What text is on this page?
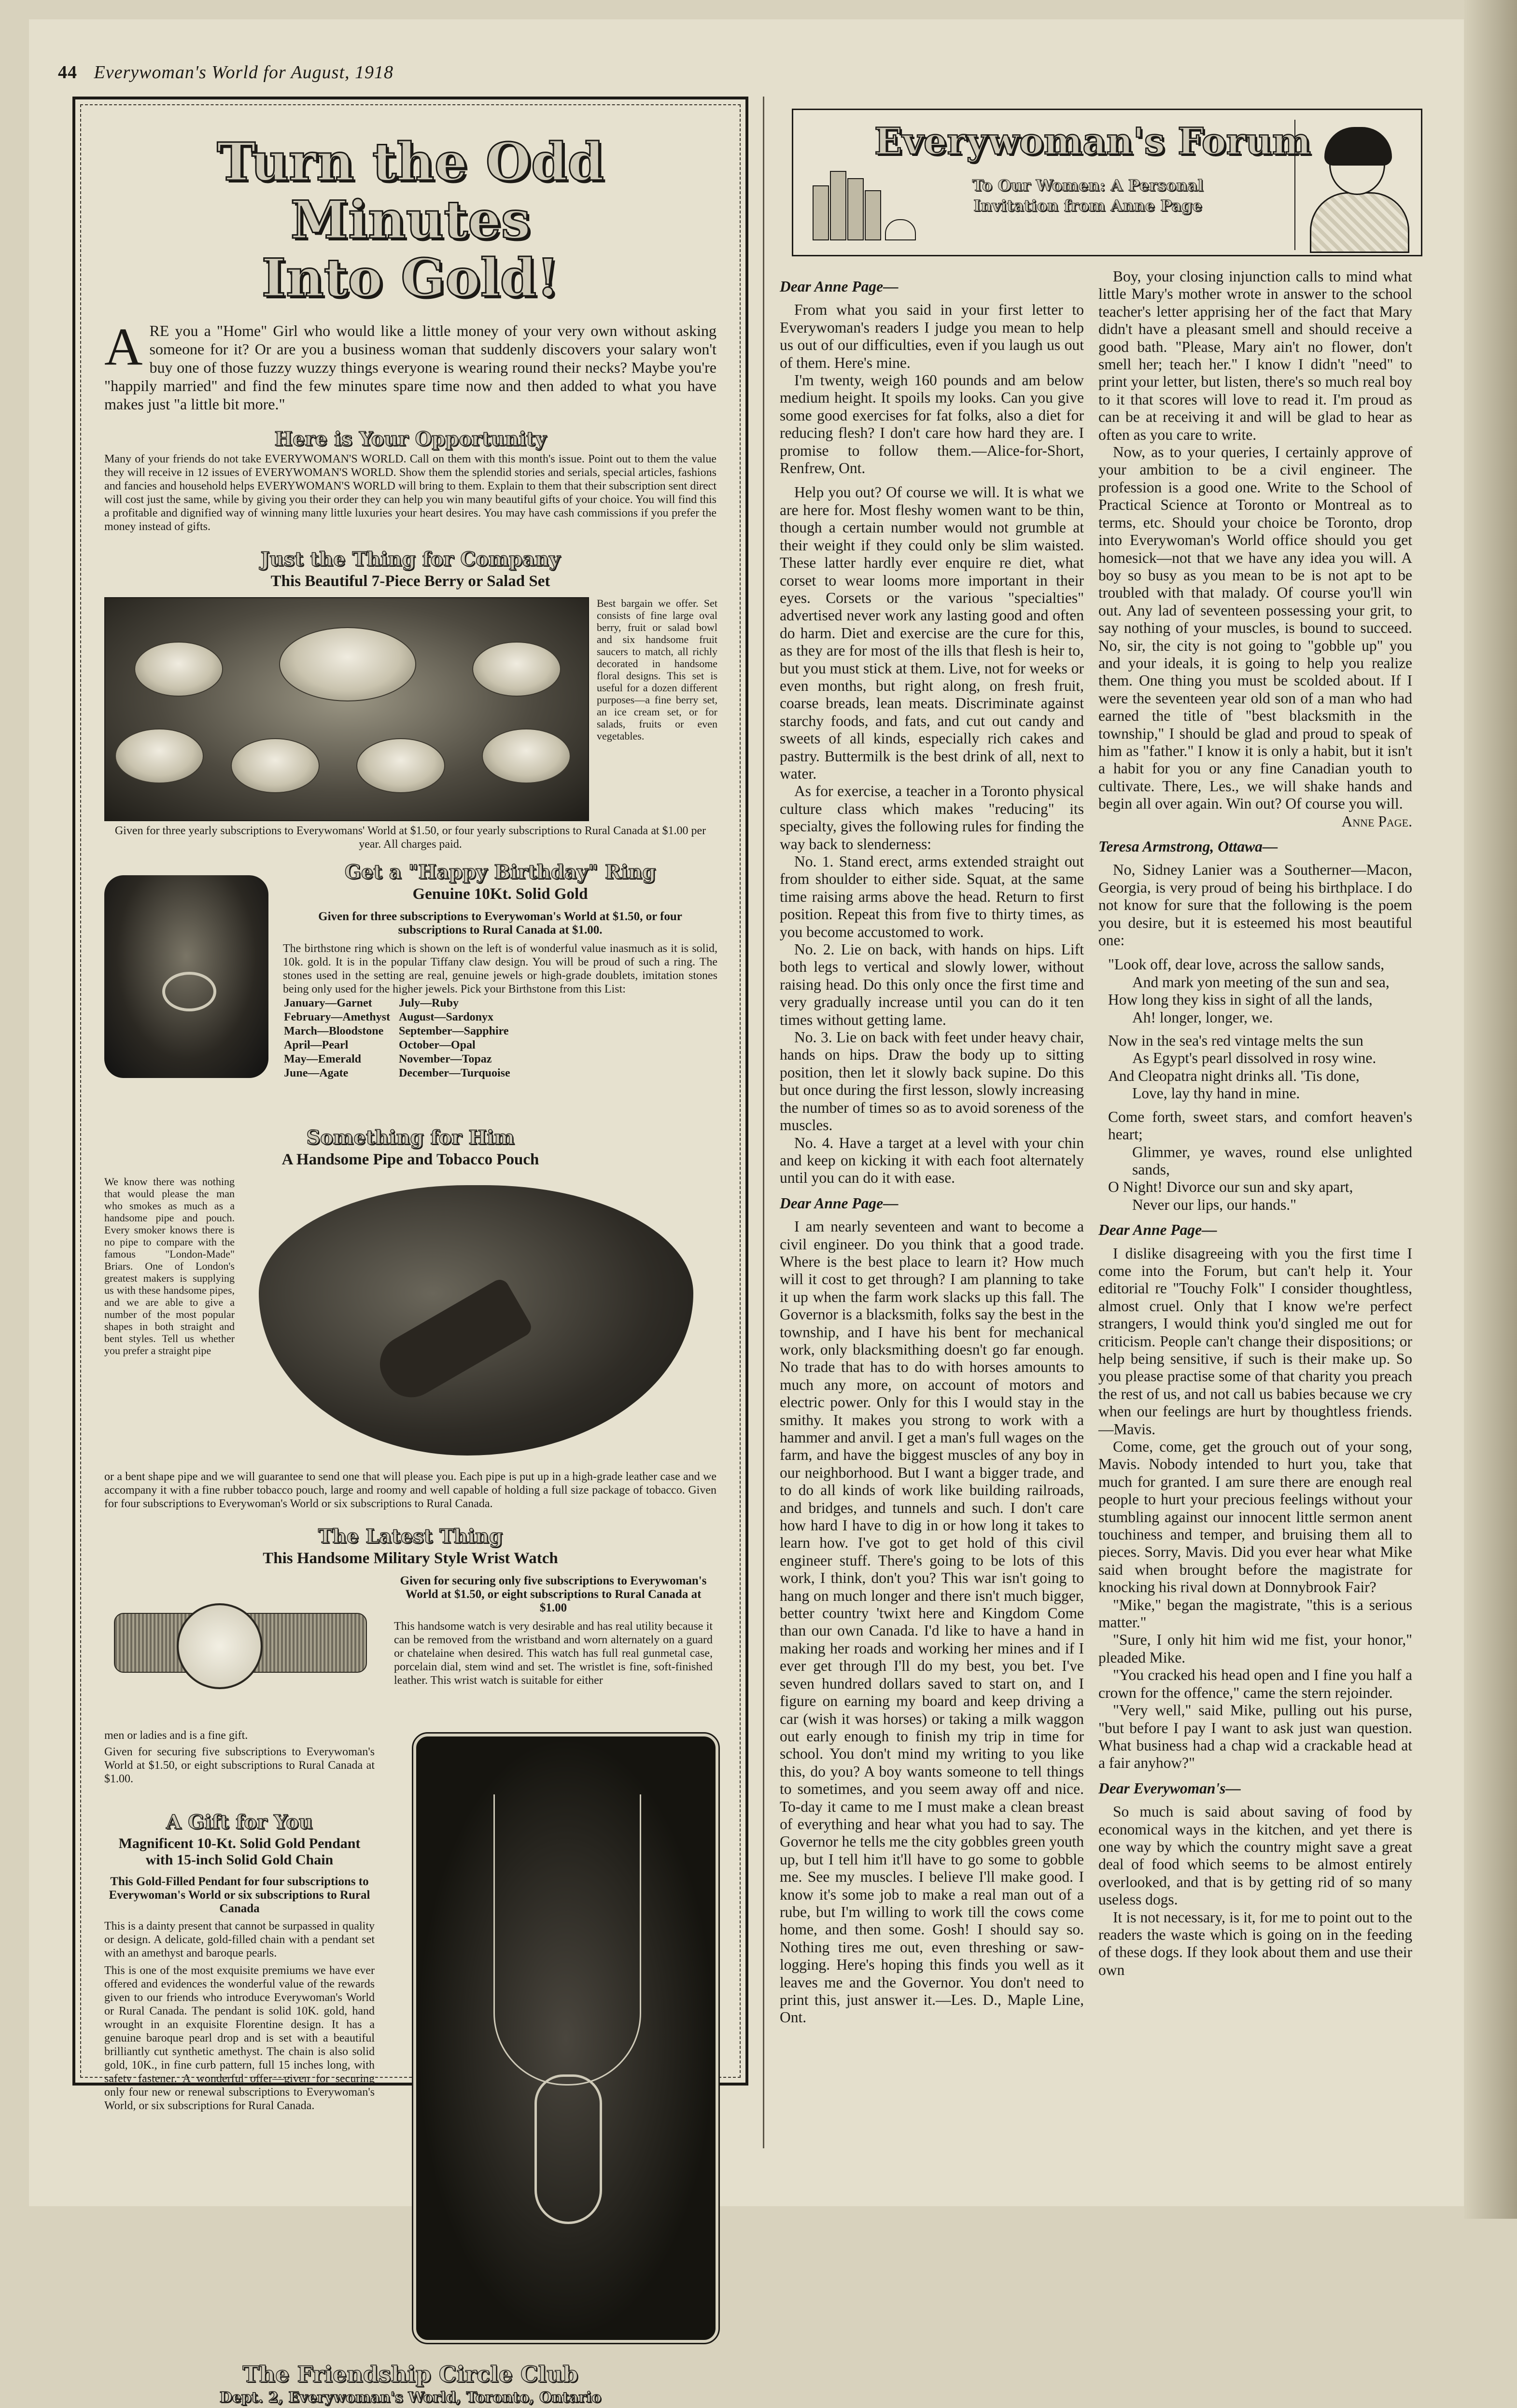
44 Everywoman's World for August, 1918
Turn the Odd Minutes
Into Gold!

A RE you a "Home" Girl who would like a little money of your very own without asking someone for it? Or are you a business woman that suddenly discovers your salary won't buy one of those fuzzy wuzzy things everyone is wearing round their necks? Maybe you're "happily married" and find the few minutes spare time now and then added to what you have makes just "a little bit more."

Here is Your Opportunity
Many of your friends do not take EVERYWOMAN'S WORLD. Call on them with this month's issue. Point out to them the value they will receive in 12 issues of EVERYWOMAN'S WORLD. Show them the splendid stories and serials, special articles, fashions and fancies and household helps EVERYWOMAN'S WORLD will bring to them. Explain to them that their subscription sent direct will cost just the same, while by giving you their order they can help you win many beautiful gifts of your choice. You will find this a profitable and dignified way of winning many little luxuries your heart desires. You may have cash commissions if you prefer the money instead of gifts.
Just the Thing for Company
This Beautiful 7-Piece Berry or Salad Set
Best bargain we offer. Set consists of fine large oval berry, fruit or salad bowl and six handsome fruit saucers to match, all richly decorated in handsome floral designs. This set is useful for a dozen different purposes—a fine berry set, an ice cream set, or for salads, fruits or even vegetables.
Given for three yearly subscriptions to Everywomans' World at $1.50, or four yearly subscriptions to Rural Canada at $1.00 per year. All charges paid.
Get a "Happy Birthday" Ring
Genuine 10Kt. Solid Gold
Given for three subscriptions to Everywoman's World at $1.50, or four subscriptions to Rural Canada at $1.00.
The birthstone ring which is shown on the left is of wonderful value inasmuch as it is solid, 10k. gold. It is in the popular Tiffany claw design. You will be proud of such a ring. The stones used in the setting are real, genuine jewels or high-grade doublets, imitation stones being only used for the higher jewels. Pick your Birthstone from this List:
January—Garnet	July—Ruby
February—Amethyst	August—Sardonyx
March—Bloodstone	September—Sapphire
April—Pearl	October—Opal
May—Emerald	November—Topaz
June—Agate	December—Turquoise
Something for Him
A Handsome Pipe and Tobacco Pouch
We know there was nothing that would please the man who smokes as much as a handsome pipe and pouch. Every smoker knows there is no pipe to compare with the famous "London-Made" Briars. One of London's greatest makers is supplying us with these handsome pipes, and we are able to give a number of the most popular shapes in both straight and bent styles. Tell us whether you prefer a straight pipe
or a bent shape pipe and we will guarantee to send one that will please you. Each pipe is put up in a high-grade leather case and we accompany it with a fine rubber tobacco pouch, large and roomy and well capable of holding a full size package of tobacco. Given for four subscriptions to Everywoman's World or six subscriptions to Rural Canada.
The Latest Thing
This Handsome Military Style Wrist Watch
Given for securing only five subscriptions to Everywoman's World at $1.50, or eight subscriptions to Rural Canada at $1.00
This handsome watch is very desirable and has real utility because it can be removed from the wristband and worn alternately on a guard or chatelaine when desired. This watch has full real gunmetal case, porcelain dial, stem wind and set. The wristlet is fine, soft-finished leather. This wrist watch is suitable for either
men or ladies and is a fine gift.
Given for securing five subscriptions to Everywoman's World at $1.50, or eight subscriptions to Rural Canada at $1.00.
A Gift for You
Magnificent 10-Kt. Solid Gold Pendant with 15-inch Solid Gold Chain
This Gold-Filled Pendant for four subscriptions to Everywoman's World or six subscriptions to Rural Canada
This is a dainty present that cannot be surpassed in quality or design. A delicate, gold-filled chain with a pendant set with an amethyst and baroque pearls.
This is one of the most exquisite premiums we have ever offered and evidences the wonderful value of the rewards given to our friends who introduce Everywoman's World or Rural Canada. The pendant is solid 10K. gold, hand wrought in an exquisite Florentine design. It has a genuine baroque pearl drop and is set with a beautiful brilliantly cut synthetic amethyst. The chain is also solid gold, 10K., in fine curb pattern, full 15 inches long, with safety fastener. A wonderful offer—given for securing only four new or renewal subscriptions to Everywoman's World, or six subscriptions for Rural Canada.
The Friendship Circle Club
Dept. 2, Everywoman's World, Toronto, Ontario
Everywoman's Forum
To Our Women: A Personal
Invitation from Anne Page

Dear Anne Page—

From what you said in your first letter to Everywoman's readers I judge you mean to help us out of our difficulties, even if you laugh us out of them. Here's mine.

I'm twenty, weigh 160 pounds and am below medium height. It spoils my looks. Can you give some good exercises for fat folks, also a diet for reducing flesh? I don't care how hard they are. I promise to follow them.—Alice-for-Short, Renfrew, Ont.

Help you out? Of course we will. It is what we are here for. Most fleshy women want to be thin, though a certain number would not grumble at their weight if they could only be slim waisted. These latter hardly ever enquire re diet, what corset to wear looms more important in their eyes. Corsets or the various "specialties" advertised never work any lasting good and often do harm. Diet and exercise are the cure for this, as they are for most of the ills that flesh is heir to, but you must stick at them. Live, not for weeks or even months, but right along, on fresh fruit, coarse breads, lean meats. Discriminate against starchy foods, and fats, and cut out candy and sweets of all kinds, especially rich cakes and pastry. Buttermilk is the best drink of all, next to water.

As for exercise, a teacher in a Toronto physical culture class which makes "reducing" its specialty, gives the following rules for finding the way back to slenderness:

No. 1. Stand erect, arms extended straight out from shoulder to either side. Squat, at the same time raising arms above the head. Return to first position. Repeat this from five to thirty times, as you become accustomed to work.

No. 2. Lie on back, with hands on hips. Lift both legs to vertical and slowly lower, without raising head. Do this only once the first time and very gradually increase until you can do it ten times without getting lame.

No. 3. Lie on back with feet under heavy chair, hands on hips. Draw the body up to sitting position, then let it slowly back supine. Do this but once during the first lesson, slowly increasing the number of times so as to avoid soreness of the muscles.

No. 4. Have a target at a level with your chin and keep on kicking it with each foot alternately until you can do it with ease.

Dear Anne Page—

I am nearly seventeen and want to become a civil engineer. Do you think that a good trade. Where is the best place to learn it? How much will it cost to get through? I am planning to take it up when the farm work slacks up this fall. The Governor is a blacksmith, folks say the best in the township, and I have his bent for mechanical work, only blacksmithing doesn't go far enough. No trade that has to do with horses amounts to much any more, on account of motors and electric power. Only for this I would stay in the smithy. It makes you strong to work with a hammer and anvil. I get a man's full wages on the farm, and have the biggest muscles of any boy in our neighborhood. But I want a bigger trade, and to do all kinds of work like building railroads, and bridges, and tunnels and such. I don't care how hard I have to dig in or how long it takes to learn how. I've got to get hold of this civil engineer stuff. There's going to be lots of this work, I think, don't you? This war isn't going to hang on much longer and there isn't much bigger, better country 'twixt here and Kingdom Come than our own Canada. I'd like to have a hand in making her roads and working her mines and if I ever get through I'll do my best, you bet. I've seven hundred dollars saved to start on, and I figure on earning my board and keep driving a car (wish it was horses) or taking a milk waggon out early enough to finish my trip in time for school. You don't mind my writing to you like this, do you? A boy wants someone to tell things to sometimes, and you seem away off and nice. To-day it came to me I must make a clean breast of everything and hear what you had to say. The Governor he tells me the city gobbles green youth up, but I tell him it'll have to go some to gobble me. See my muscles. I believe I'll make good. I know it's some job to make a real man out of a rube, but I'm willing to work till the cows come home, and then some. Gosh! I should say so. Nothing tires me out, even threshing or saw-logging. Here's hoping this finds you well as it leaves me and the Governor. You don't need to print this, just answer it.—Les. D., Maple Line, Ont.

Boy, your closing injunction calls to mind what little Mary's mother wrote in answer to the school teacher's letter apprising her of the fact that Mary didn't have a pleasant smell and should receive a good bath. "Please, Mary ain't no flower, don't smell her; teach her." I know I didn't "need" to print your letter, but listen, there's so much real boy to it that scores will love to read it. I'm proud as can be at receiving it and will be glad to hear as often as you care to write.

Now, as to your queries, I certainly approve of your ambition to be a civil engineer. The profession is a good one. Write to the School of Practical Science at Toronto or Montreal as to terms, etc. Should your choice be Toronto, drop into Everywoman's World office should you get homesick—not that we have any idea you will. A boy so busy as you mean to be is not apt to be troubled with that malady. Of course you'll win out. Any lad of seventeen possessing your grit, to say nothing of your muscles, is bound to succeed. No, sir, the city is not going to "gobble up" you and your ideals, it is going to help you realize them. One thing you must be scolded about. If I were the seventeen year old son of a man who had earned the title of "best blacksmith in the township," I should be glad and proud to speak of him as "father." I know it is only a habit, but it isn't a habit for you or any fine Canadian youth to cultivate. There, Les., we will shake hands and begin all over again. Win out? Of course you will.

Anne Page.

Teresa Armstrong, Ottawa—

No, Sidney Lanier was a Southerner—Macon, Georgia, is very proud of being his birthplace. I do not know for sure that the following is the poem you desire, but it is esteemed his most beautiful one:

"Look off, dear love, across the sallow sands,
And mark yon meeting of the sun and sea,
How long they kiss in sight of all the lands,
Ah! longer, longer, we.
Now in the sea's red vintage melts the sun
As Egypt's pearl dissolved in rosy wine.
And Cleopatra night drinks all. 'Tis done,
Love, lay thy hand in mine.
Come forth, sweet stars, and comfort heaven's heart;
Glimmer, ye waves, round else unlighted sands,
O Night! Divorce our sun and sky apart,
Never our lips, our hands."

Dear Anne Page—

I dislike disagreeing with you the first time I come into the Forum, but can't help it. Your editorial re "Touchy Folk" I consider thoughtless, almost cruel. Only that I know we're perfect strangers, I would think you'd singled me out for criticism. People can't change their dispositions; or help being sensitive, if such is their make up. So you please practise some of that charity you preach the rest of us, and not call us babies because we cry when our feelings are hurt by thoughtless friends.—Mavis.

Come, come, get the grouch out of your song, Mavis. Nobody intended to hurt you, take that much for granted. I am sure there are enough real people to hurt your precious feelings without your stumbling against our innocent little sermon anent touchiness and temper, and bruising them all to pieces. Sorry, Mavis. Did you ever hear what Mike said when brought before the magistrate for knocking his rival down at Donnybrook Fair?

"Mike," began the magistrate, "this is a serious matter."

"Sure, I only hit him wid me fist, your honor," pleaded Mike.

"You cracked his head open and I fine you half a crown for the offence," came the stern rejoinder.

"Very well," said Mike, pulling out his purse, "but before I pay I want to ask just wan question. What business had a chap wid a crackable head at a fair anyhow?"

Dear Everywoman's—

So much is said about saving of food by economical ways in the kitchen, and yet there is one way by which the country might save a great deal of food which seems to be almost entirely overlooked, and that is by getting rid of so many useless dogs.

It is not necessary, is it, for me to point out to the readers the waste which is going on in the feeding of these dogs. If they look about them and use their own
